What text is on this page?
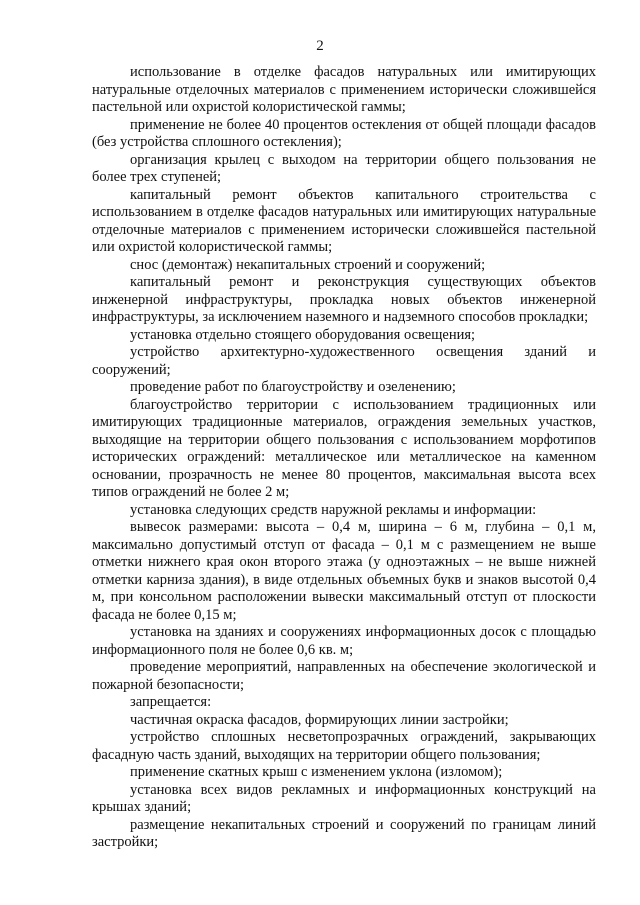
2

использование в отделке фасадов натуральных или имитирующих натуральные отделочных материалов с применением исторически сложившейся пастельной или охристой колористической гаммы;

применение не более 40 процентов остекления от общей площади фасадов (без устройства сплошного остекления);

организация крылец с выходом на территории общего пользования не более трех ступеней;

капитальный ремонт объектов капитального строительства с использованием в отделке фасадов натуральных или имитирующих натуральные отделочные материалов с применением исторически сложившейся пастельной или охристой колористической гаммы;

снос (демонтаж) некапитальных строений и сооружений;

капитальный ремонт и реконструкция существующих объектов инженерной инфраструктуры, прокладка новых объектов инженерной инфраструктуры, за исключением наземного и надземного способов прокладки;

установка отдельно стоящего оборудования освещения;

устройство архитектурно-художественного освещения зданий и сооружений;

проведение работ по благоустройству и озеленению;

благоустройство территории с использованием традиционных или имитирующих традиционные материалов, ограждения земельных участков, выходящие на территории общего пользования с использованием морфотипов исторических ограждений: металлическое или металлическое на каменном основании, прозрачность не менее 80 процентов, максимальная высота всех типов ограждений не более 2 м;

установка следующих средств наружной рекламы и информации:

вывесок размерами: высота – 0,4 м, ширина – 6 м, глубина – 0,1 м, максимально допустимый отступ от фасада – 0,1 м с размещением не выше отметки нижнего края окон второго этажа (у одноэтажных – не выше нижней отметки карниза здания), в виде отдельных объемных букв и знаков высотой 0,4 м, при консольном расположении вывески максимальный отступ от плоскости фасада не более 0,15 м;

установка на зданиях и сооружениях информационных досок с площадью информационного поля не более 0,6 кв. м;

проведение мероприятий, направленных на обеспечение экологической и пожарной безопасности;

запрещается:

частичная окраска фасадов, формирующих линии застройки;

устройство сплошных несветопрозрачных ограждений, закрывающих фасадную часть зданий, выходящих на территории общего пользования;

применение скатных крыш с изменением уклона (изломом);

установка всех видов рекламных и информационных конструкций на крышах зданий;

размещение некапитальных строений и сооружений по границам линий застройки;
